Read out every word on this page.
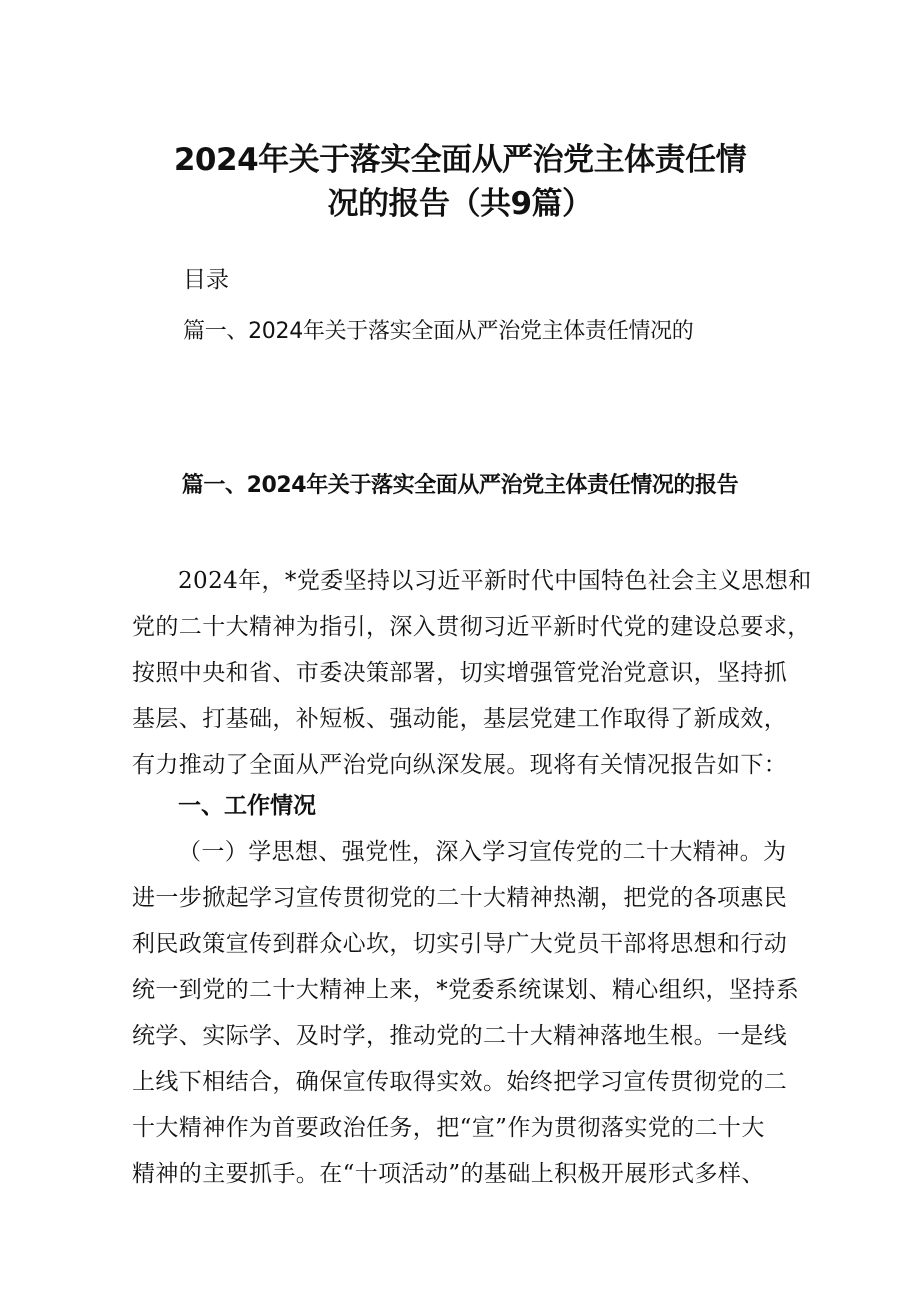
2024年关于落实全面从严治党主体责任情
况的报告（共9篇）
目录
篇一、2024年关于落实全面从严治党主体责任情况的
篇一、2024年关于落实全面从严治党主体责任情况的报告
2024年，*党委坚持以习近平新时代中国特色社会主义思想和
党的二十大精神为指引，深入贯彻习近平新时代党的建设总要求，
按照中央和省、市委决策部署，切实增强管党治党意识，坚持抓
基层、打基础，补短板、强动能，基层党建工作取得了新成效，
有力推动了全面从严治党向纵深发展。现将有关情况报告如下：
一、工作情况
（一）学思想、强党性，深入学习宣传党的二十大精神。为
进一步掀起学习宣传贯彻党的二十大精神热潮，把党的各项惠民
利民政策宣传到群众心坎，切实引导广大党员干部将思想和行动
统一到党的二十大精神上来，*党委系统谋划、精心组织，坚持系
统学、实际学、及时学，推动党的二十大精神落地生根。一是线
上线下相结合，确保宣传取得实效。始终把学习宣传贯彻党的二
十大精神作为首要政治任务，把“宣”作为贯彻落实党的二十大
精神的主要抓手。在“十项活动”的基础上积极开展形式多样、
